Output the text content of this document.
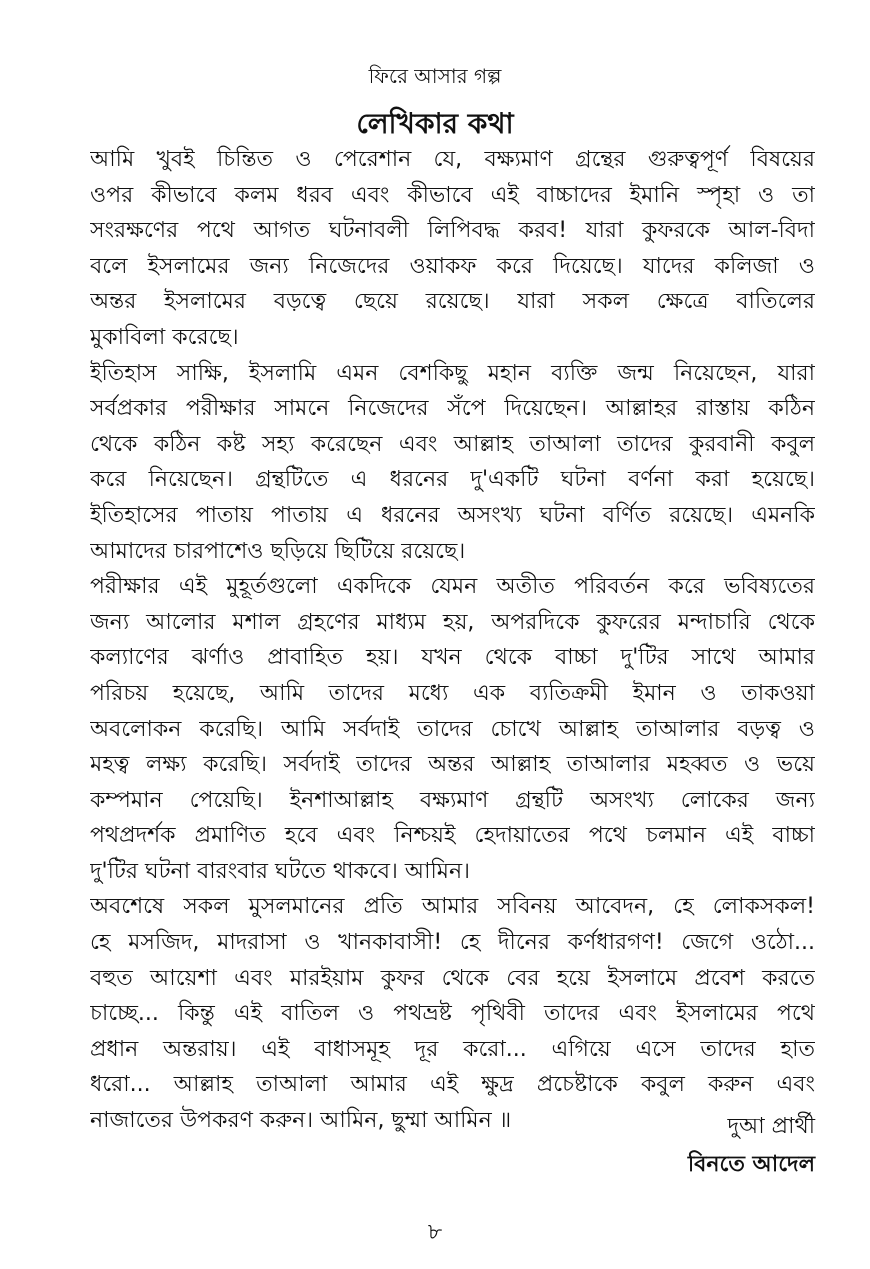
ফিরে আসার গল্প
লেখিকার কথা
আমি খুবই চিন্তিত ও পেরেশান যে, বক্ষ্যমাণ গ্রন্থের গুরুত্বপূর্ণ বিষয়ের
ওপর কীভাবে কলম ধরব এবং কীভাবে এই বাচ্চাদের ইমানি স্পৃহা ও তা
সংরক্ষণের পথে আগত ঘটনাবলী লিপিবদ্ধ করব! যারা কুফরকে আল-বিদা
বলে ইসলামের জন্য নিজেদের ওয়াকফ করে দিয়েছে। যাদের কলিজা ও
অন্তর ইসলামের বড়ত্বে ছেয়ে রয়েছে। যারা সকল ক্ষেত্রে বাতিলের
মুকাবিলা করেছে।
ইতিহাস সাক্ষি, ইসলামি এমন বেশকিছু মহান ব্যক্তি জন্ম নিয়েছেন, যারা
সর্বপ্রকার পরীক্ষার সামনে নিজেদের সঁপে দিয়েছেন। আল্লাহর রাস্তায় কঠিন
থেকে কঠিন কষ্ট সহ্য করেছেন এবং আল্লাহ তাআলা তাদের কুরবানী কবুল
করে নিয়েছেন। গ্রন্থটিতে এ ধরনের দু'একটি ঘটনা বর্ণনা করা হয়েছে।
ইতিহাসের পাতায় পাতায় এ ধরনের অসংখ্য ঘটনা বর্ণিত রয়েছে। এমনকি
আমাদের চারপাশেও ছড়িয়ে ছিটিয়ে রয়েছে।
পরীক্ষার এই মুহূর্তগুলো একদিকে যেমন অতীত পরিবর্তন করে ভবিষ্যতের
জন্য আলোর মশাল গ্রহণের মাধ্যম হয়, অপরদিকে কুফরের মন্দাচারি থেকে
কল্যাণের ঝর্ণাও প্রাবাহিত হয়। যখন থেকে বাচ্চা দু'টির সাথে আমার
পরিচয় হয়েছে, আমি তাদের মধ্যে এক ব্যতিক্রমী ইমান ও তাকওয়া
অবলোকন করেছি। আমি সর্বদাই তাদের চোখে আল্লাহ তাআলার বড়ত্ব ও
মহত্ব লক্ষ্য করেছি। সর্বদাই তাদের অন্তর আল্লাহ তাআলার মহব্বত ও ভয়ে
কম্পমান পেয়েছি। ইনশাআল্লাহ বক্ষ্যমাণ গ্রন্থটি অসংখ্য লোকের জন্য
পথপ্রদর্শক প্রমাণিত হবে এবং নিশ্চয়ই হেদায়াতের পথে চলমান এই বাচ্চা
দু'টির ঘটনা বারংবার ঘটতে থাকবে। আমিন।
অবশেষে সকল মুসলমানের প্রতি আমার সবিনয় আবেদন, হে লোকসকল!
হে মসজিদ, মাদরাসা ও খানকাবাসী! হে দীনের কর্ণধারগণ! জেগে ওঠো...
বহুত আয়েশা এবং মারইয়াম কুফর থেকে বের হয়ে ইসলামে প্রবেশ করতে
চাচ্ছে... কিন্তু এই বাতিল ও পথভ্রষ্ট পৃথিবী তাদের এবং ইসলামের পথে
প্রধান অন্তরায়। এই বাধাসমূহ দূর করো... এগিয়ে এসে তাদের হাত
ধরো... আল্লাহ তাআলা আমার এই ক্ষুদ্র প্রচেষ্টাকে কবুল করুন এবং
নাজাতের উপকরণ করুন। আমিন, ছুম্মা আমিন ॥	দুআ প্রার্থী
বিনতে আদেল
৮
